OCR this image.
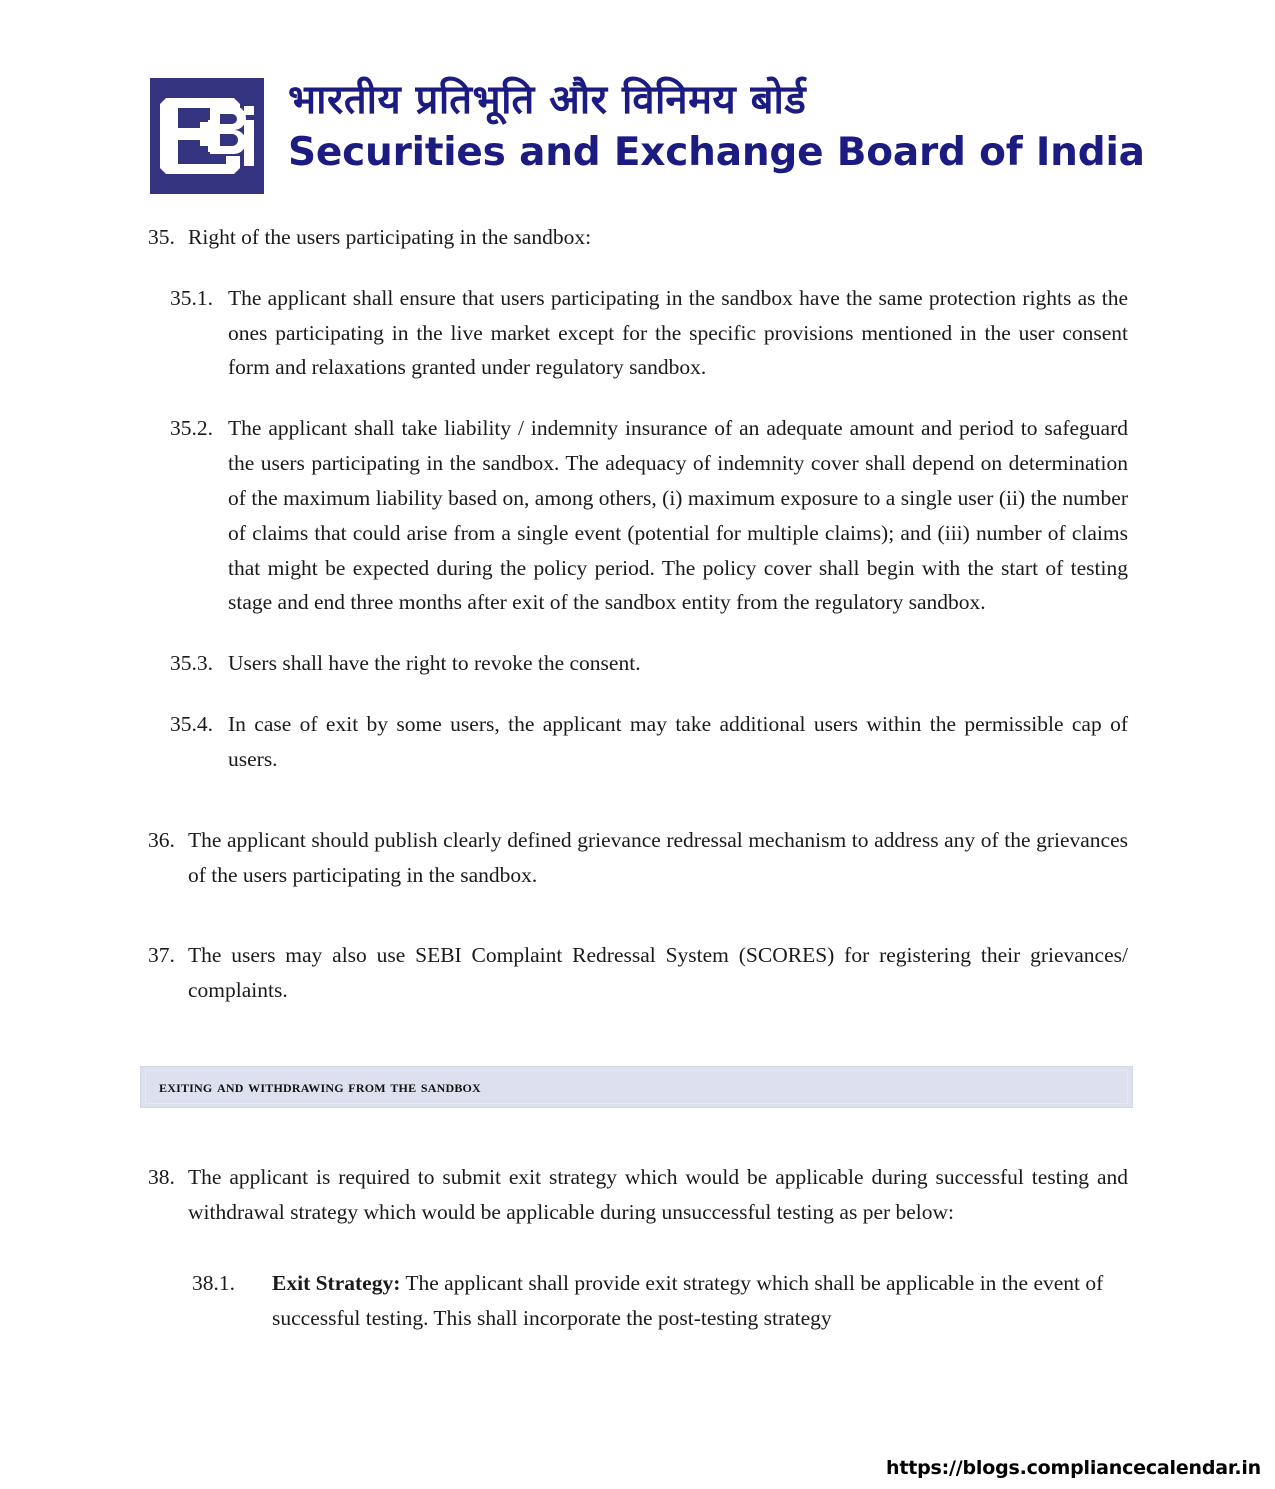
भारतीय प्रतिभूति और विनिमय बोर्ड
Securities and Exchange Board of India
35. Right of the users participating in the sandbox:
35.1. The applicant shall ensure that users participating in the sandbox have the same protection rights as the ones participating in the live market except for the specific provisions mentioned in the user consent form and relaxations granted under regulatory sandbox.
35.2. The applicant shall take liability / indemnity insurance of an adequate amount and period to safeguard the users participating in the sandbox. The adequacy of indemnity cover shall depend on determination of the maximum liability based on, among others, (i) maximum exposure to a single user (ii) the number of claims that could arise from a single event (potential for multiple claims); and (iii) number of claims that might be expected during the policy period. The policy cover shall begin with the start of testing stage and end three months after exit of the sandbox entity from the regulatory sandbox.
35.3. Users shall have the right to revoke the consent.
35.4. In case of exit by some users, the applicant may take additional users within the permissible cap of users.
36. The applicant should publish clearly defined grievance redressal mechanism to address any of the grievances of the users participating in the sandbox.
37. The users may also use SEBI Complaint Redressal System (SCORES) for registering their grievances/ complaints.
exiting and withdrawing from the sandbox
38. The applicant is required to submit exit strategy which would be applicable during successful testing and withdrawal strategy which would be applicable during unsuccessful testing as per below:
38.1.	Exit Strategy: The applicant shall provide exit strategy which shall be applicable in the event of successful testing. This shall incorporate the post-testing strategy
https://blogs.compliancecalendar.in
